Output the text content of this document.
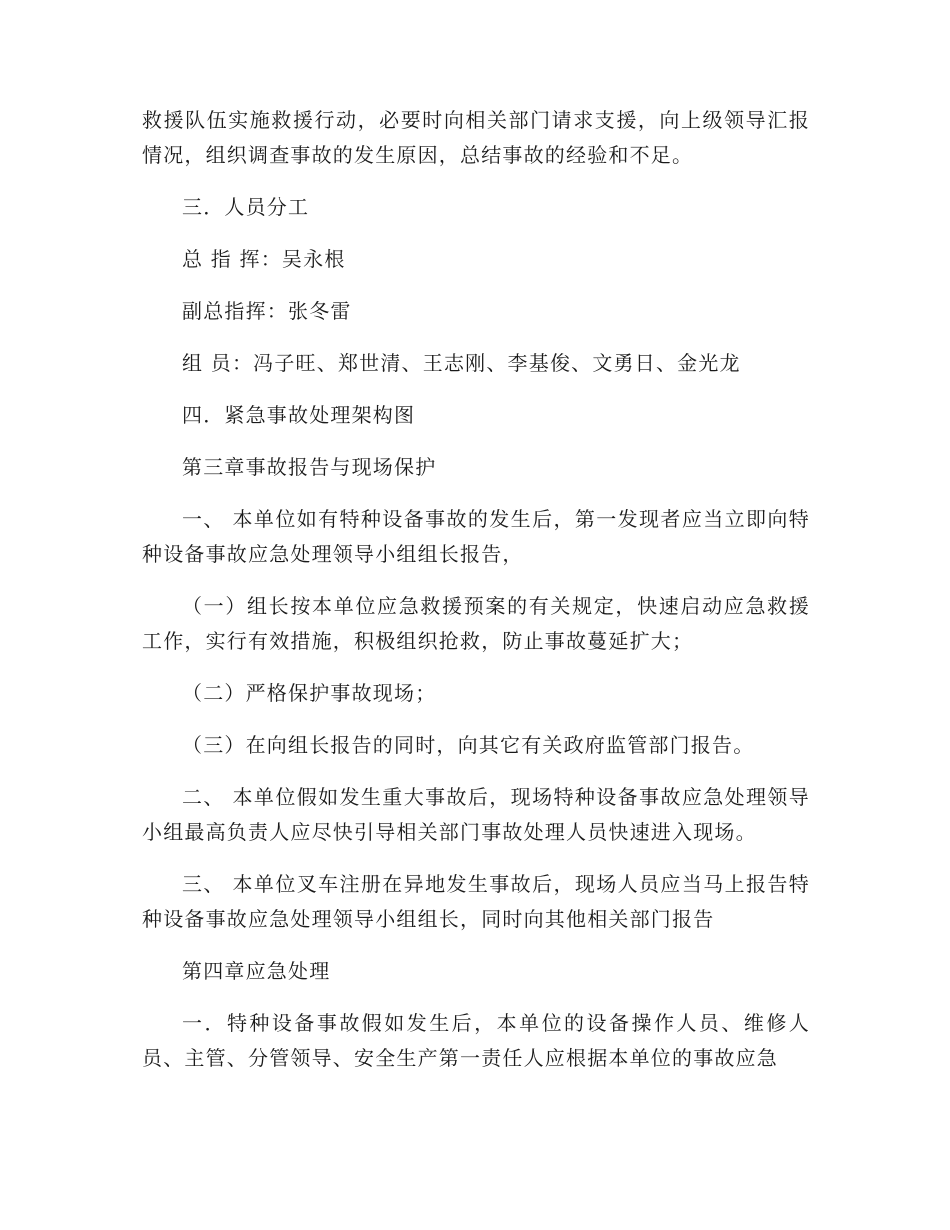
救援队伍实施救援行动，必要时向相关部门请求支援，向上级领导汇报情况，组织调查事故的发生原因，总结事故的经验和不足。

三．人员分工

总 指 挥：吴永根

副总指挥：张冬雷

组 员：冯子旺、郑世清、王志刚、李基俊、文勇日、金光龙

四．紧急事故处理架构图

第三章事故报告与现场保护

一、 本单位如有特种设备事故的发生后，第一发现者应当立即向特种设备事故应急处理领导小组组长报告，

（一）组长按本单位应急救援预案的有关规定，快速启动应急救援工作，实行有效措施，积极组织抢救，防止事故蔓延扩大；

（二）严格保护事故现场；

（三）在向组长报告的同时，向其它有关政府监管部门报告。

二、 本单位假如发生重大事故后，现场特种设备事故应急处理领导小组最高负责人应尽快引导相关部门事故处理人员快速进入现场。

三、 本单位叉车注册在异地发生事故后，现场人员应当马上报告特种设备事故应急处理领导小组组长，同时向其他相关部门报告

第四章应急处理

一．特种设备事故假如发生后，本单位的设备操作人员、维修人员、主管、分管领导、安全生产第一责任人应根据本单位的事故应急
